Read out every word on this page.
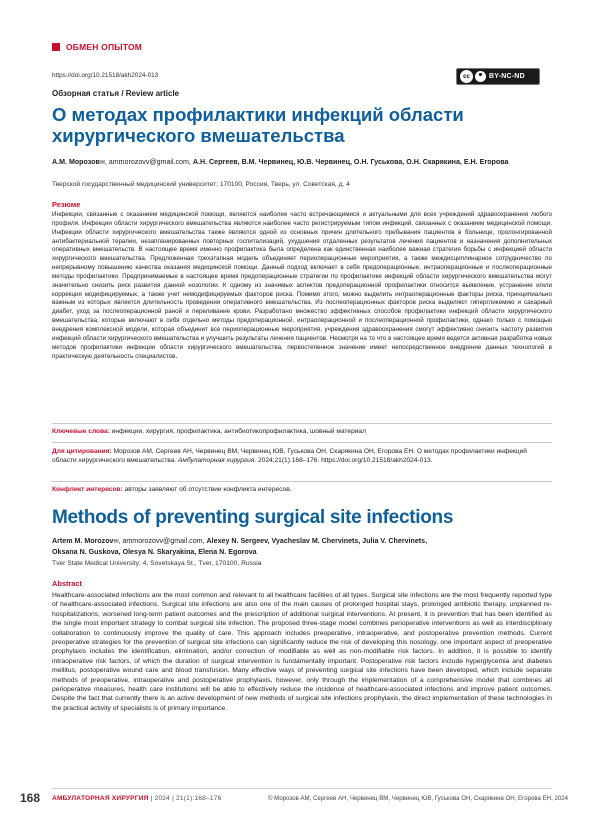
ОБМЕН ОПЫТОМ
https://doi.org/10.21518/akh2024-013	cc	BY-NC-ND
Обзорная статья / Review article
О методах профилактики инфекций области хирургического вмешательства
А.М. Морозов✉, ammorozovv@gmail.com, А.Н. Сергеев, В.М. Червинец, Ю.В. Червинец, О.Н. Гуськова, О.Н. Скарякина, Е.Н. Егорова
Тверской государственный медицинский университет; 170100, Россия, Тверь, ул. Советская, д. 4
Резюме

Инфекции, связанные с оказанием медицинской помощи, являются наиболее часто встречающимися и актуальными для всех учреждений здравоохранения любого профиля. Инфекции области хирургического вмешательства являются наиболее часто регистрируемым типом инфекций, связанных с оказанием медицинской помощи. Инфекции области хирургического вмешательства также являются одной из основных причин длительного пребывания пациентов в больнице, пролонгированной антибактериальной терапии, незапланированных повторных госпитализаций, ухудшения отдаленных результатов лечения пациентов и назначения дополнительных оперативных вмешательств. В настоящее время именно профилактика была определена как единственная наиболее важная стратегия борьбы с инфекцией области хирургического вмешательства. Предложенная трехэтапная модель объединяет периоперационные мероприятия, а также междисциплинарное сотрудничество по непрерывному повышению качества оказания медицинской помощи. Данный подход включает в себя предоперационные, интраоперационные и послеоперационные методы профилактики. Предпринимаемые в настоящее время предоперационные стратегии по профилактике инфекций области хирургического вмешательства могут значительно снизить риск развития данной нозологии. К одному из значимых аспектов предоперационной профилактики относится выявление, устранение и/или коррекция модифицируемых, а также учет немодифицируемых факторов риска. Помимо этого, можно выделить интраоперационные факторы риска, принципиально важным из которых является длительность проведения оперативного вмешательства. Из послеоперационных факторов риска выделяют гипергликемию и сахарный диабет, уход за послеоперационной раной и переливание крови. Разработано множество эффективных способов профилактики инфекций области хирургического вмешательства, которые включают в себя отдельно методы предоперационной, интраоперационной и послеоперационной профилактики, однако только с помощью внедрения комплексной модели, которая объединит все периоперационные мероприятия, учреждения здравоохранения смогут эффективно снизить частоту развития инфекций области хирургического вмешательства и улучшить результаты лечения пациентов. Несмотря на то что в настоящее время ведется активная разработка новых методов профилактики инфекции области хирургического вмешательства, первостепенное значение имеет непосредственное внедрение данных технологий в практическую деятельность специалистов.

Ключевые слова: инфекции, хирургия, профилактика, антибиотикопрофилактика, шовный материал
Для цитирования: Морозов АМ, Сергеев АН, Червинец ВМ, Червинец ЮВ, Гуськова ОН, Скарякина ОН, Егорова ЕН. О методах профилактики инфекций области хирургического вмешательства. Амбулаторная хирургия. 2024;21(1):168–176. https://doi.org/10.21518/akh2024-013.
Конфликт интересов: авторы заявляют об отсутствии конфликта интересов.
Methods of preventing surgical site infections
Artem M. Morozov✉, ammorozovv@gmail.com, Alexey N. Sergeev, Vyacheslav M. Chervinets, Julia V. Chervinets,
Oksana N. Guskova, Olesya N. Skaryakina, Elena N. Egorova
Tver State Medical University; 4, Sovetskaya St., Tver, 170100, Russia
Abstract

Healthcare-associated infections are the most common and relevant to all healthcare facilities of all types. Surgical site infections are the most frequently reported type of healthcare-associated infections. Surgical site infections are also one of the main causes of prolonged hospital stays, prolonged antibiotic therapy, unplanned re-hospitalizations, worsened long-term patient outcomes and the prescription of additional surgical interventions. At present, it is prevention that has been identified as the single most important strategy to combat surgical site infection. The proposed three-stage model combines perioperative interventions as well as interdisciplinary collaboration to continuously improve the quality of care. This approach includes preoperative, intraoperative, and postoperative prevention methods. Current preoperative strategies for the prevention of surgical site infections can significantly reduce the risk of developing this nosology. one important aspect of preoperative prophylaxis includes the identification, elimination, and/or correction of modifiable as well as non-modifiable risk factors. In addition, it is possible to identify intraoperative risk factors, of which the duration of surgical intervention is fundamentally important. Postoperative risk factors include hyperglycemia and diabetes mellitus, postoperative wound care and blood transfusion. Many effective ways of preventing surgical site infections have been developed, which include separate methods of preoperative, intraoperative and postoperative prophylaxis, however, only through the implementation of a comprehensive model that combines all perioperative measures, health care institutions will be able to effectively reduce the incidence of healthcare-associated infections and improve patient outcomes. Despite the fact that currently there is an active development of new methods of surgical site infections prophylaxis, the direct implementation of these technologies in the practical activity of specialists is of primary importance.

168 АМБУЛАТОРНАЯ ХИРУРГИЯ | 2024 | 21(1):168–176	© Морозов АМ, Сергеев АН, Червинец ВМ, Червинец ЮВ, Гуськова ОН, Скарякина ОН, Егорова ЕН, 2024
